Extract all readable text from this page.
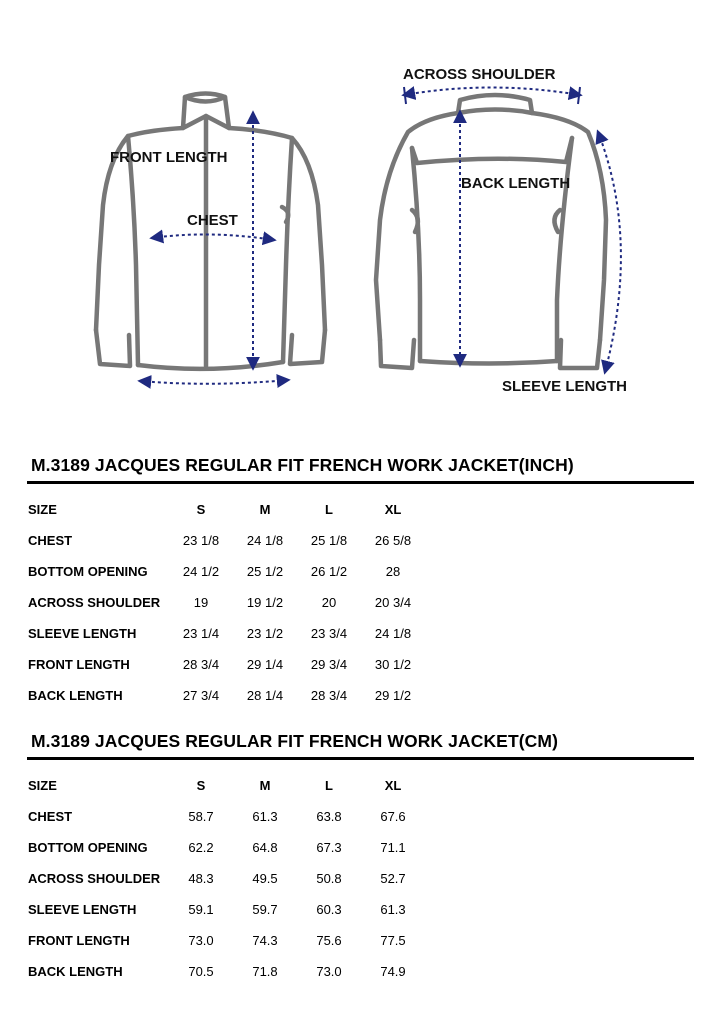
FRONT LENGTH
CHEST
ACROSS SHOULDER
BACK LENGTH
SLEEVE LENGTH
M.3189 JACQUES REGULAR FIT FRENCH WORK JACKET(INCH)
SIZE	S	M	L	XL
CHEST	23 1/8	24 1/8	25 1/8	26 5/8
BOTTOM OPENING	24 1/2	25 1/2	26 1/2	28
ACROSS SHOULDER	19	19 1/2	20	20 3/4
SLEEVE LENGTH	23 1/4	23 1/2	23 3/4	24 1/8
FRONT LENGTH	28 3/4	29 1/4	29 3/4	30 1/2
BACK LENGTH	27 3/4	28 1/4	28 3/4	29 1/2
M.3189 JACQUES REGULAR FIT FRENCH WORK JACKET(CM)
SIZE	S	M	L	XL
CHEST	58.7	61.3	63.8	67.6
BOTTOM OPENING	62.2	64.8	67.3	71.1
ACROSS SHOULDER	48.3	49.5	50.8	52.7
SLEEVE LENGTH	59.1	59.7	60.3	61.3
FRONT LENGTH	73.0	74.3	75.6	77.5
BACK LENGTH	70.5	71.8	73.0	74.9
